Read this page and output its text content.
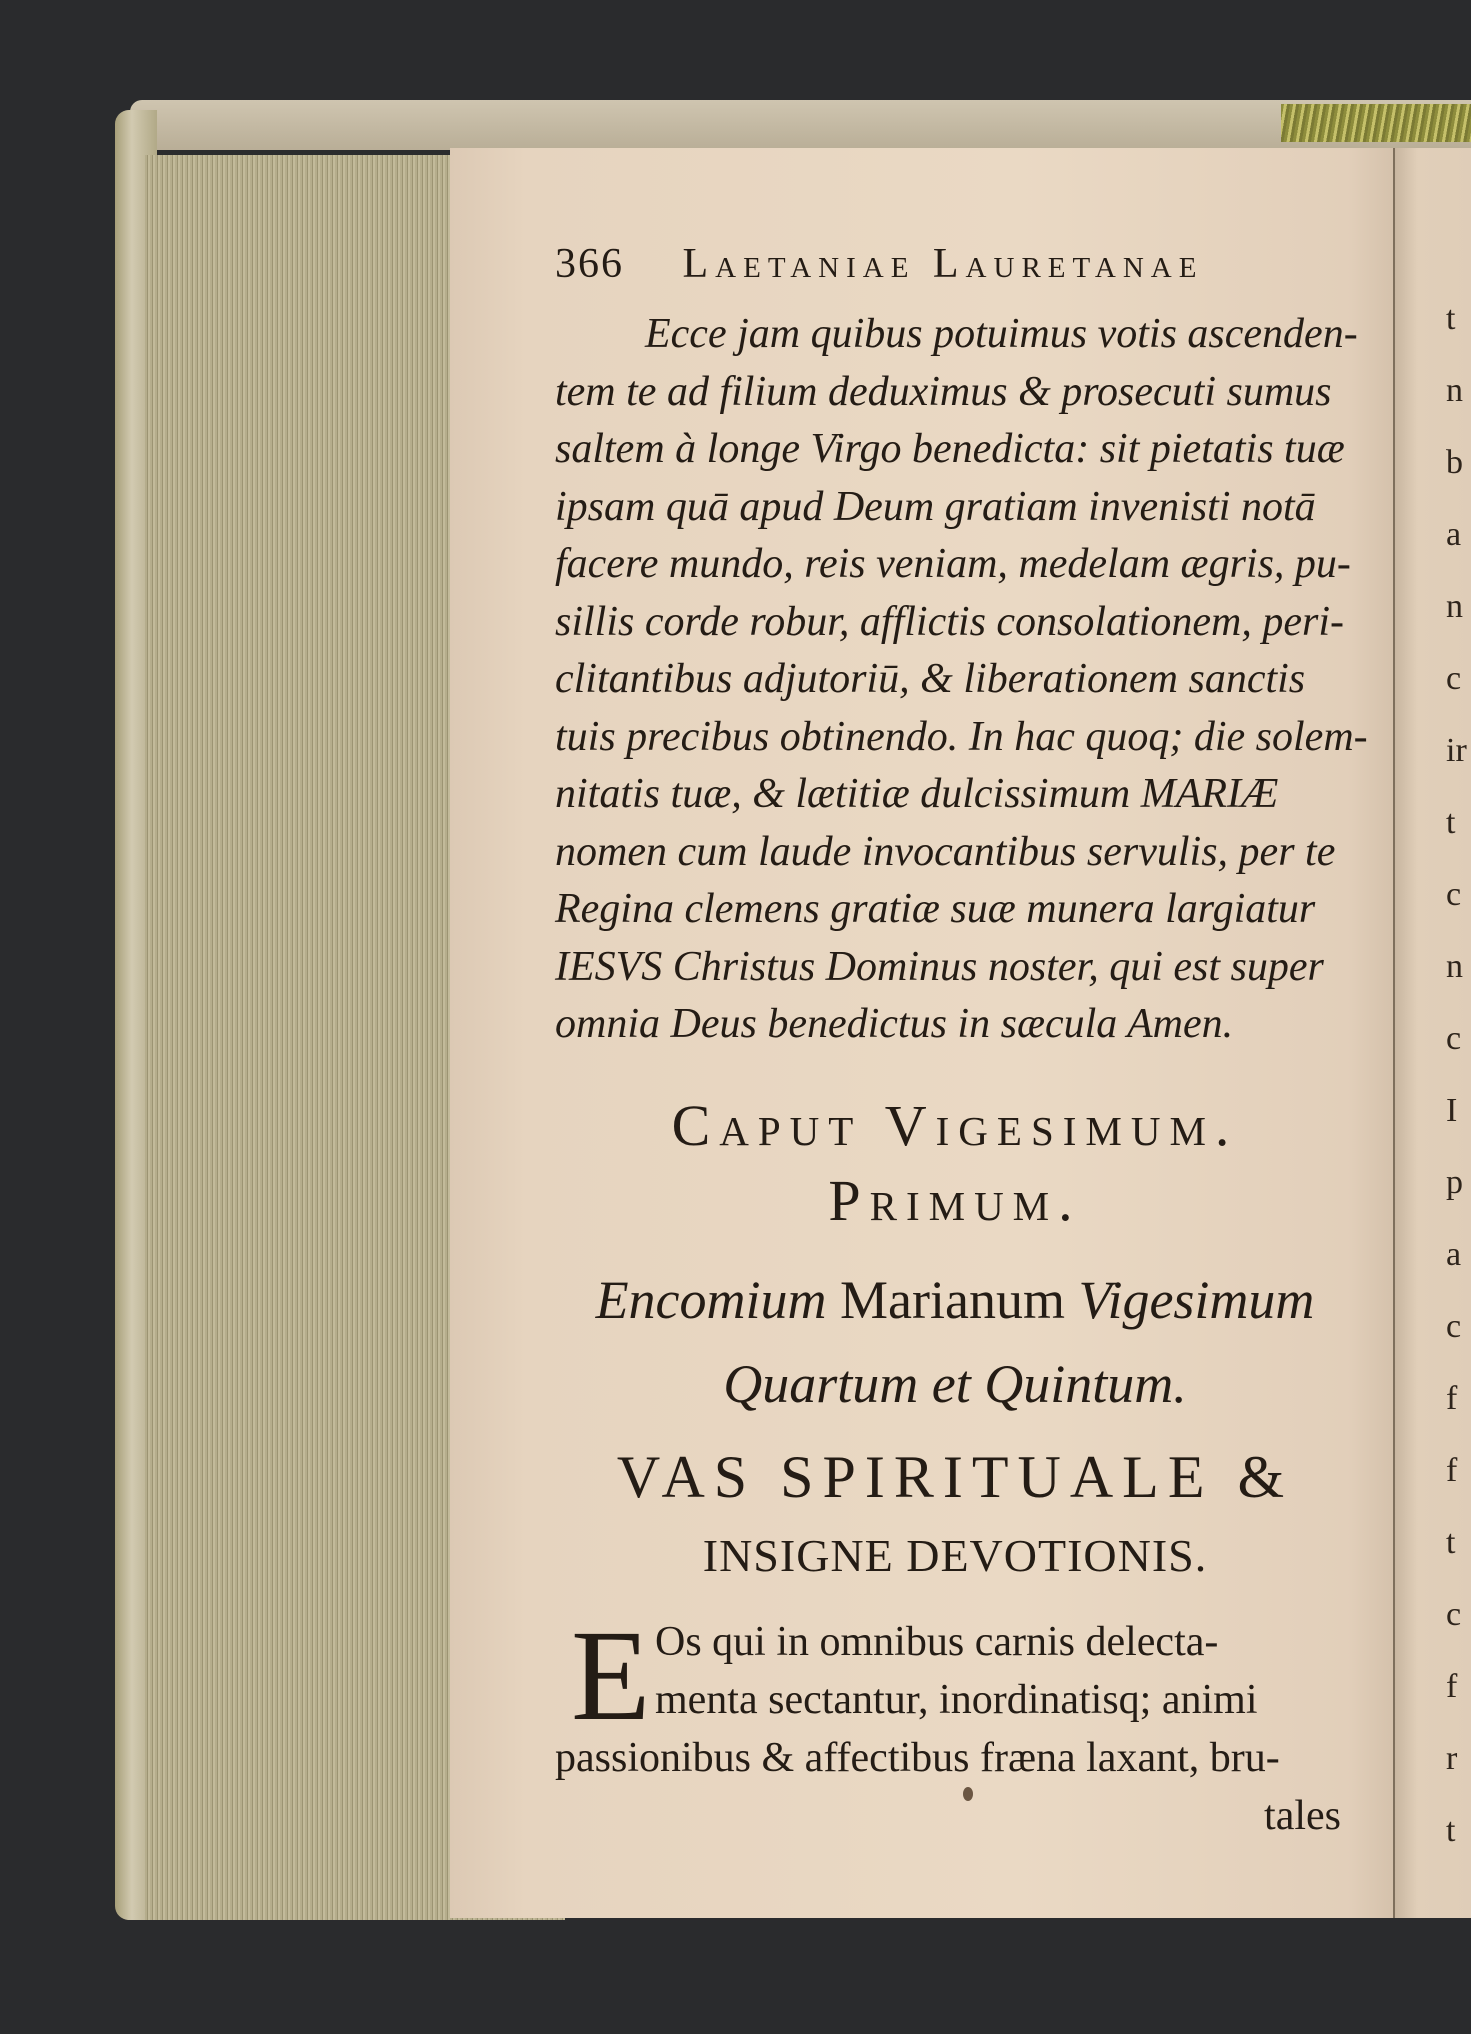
t
n
b
a
n
c
ir
t
c
n
c
I
p
a
c
f
f
t
c
f
r
t
366 Laetaniae Lauretanae
Ecce jam quibus potuimus votis ascenden-
tem te ad filium deduximus & prosecuti sumus
saltem à longe Virgo benedicta: sit pietatis tuæ
ipsam quā apud Deum gratiam invenisti notā
facere mundo, reis veniam, medelam ægris, pu-
sillis corde robur, afflictis consolationem, peri-
clitantibus adjutoriū, & liberationem sanctis
tuis precibus obtinendo. In hac quoq; die solem-
nitatis tuæ, & lætitiæ dulcissimum MARIÆ
nomen cum laude invocantibus servulis, per te
Regina clemens gratiæ suæ munera largiatur
IESVS Christus Dominus noster, qui est super
omnia Deus benedictus in sæcula Amen.
Caput Vigesimum.
Primum.
Encomium Marianum Vigesimum
Quartum et Quintum.
VAS SPIRITUALE &
INSIGNE DEVOTIONIS.
E Os qui in omnibus carnis delecta-
menta sectantur, inordinatisq; animi
passionibus & affectibus fræna laxant, bru-
tales
